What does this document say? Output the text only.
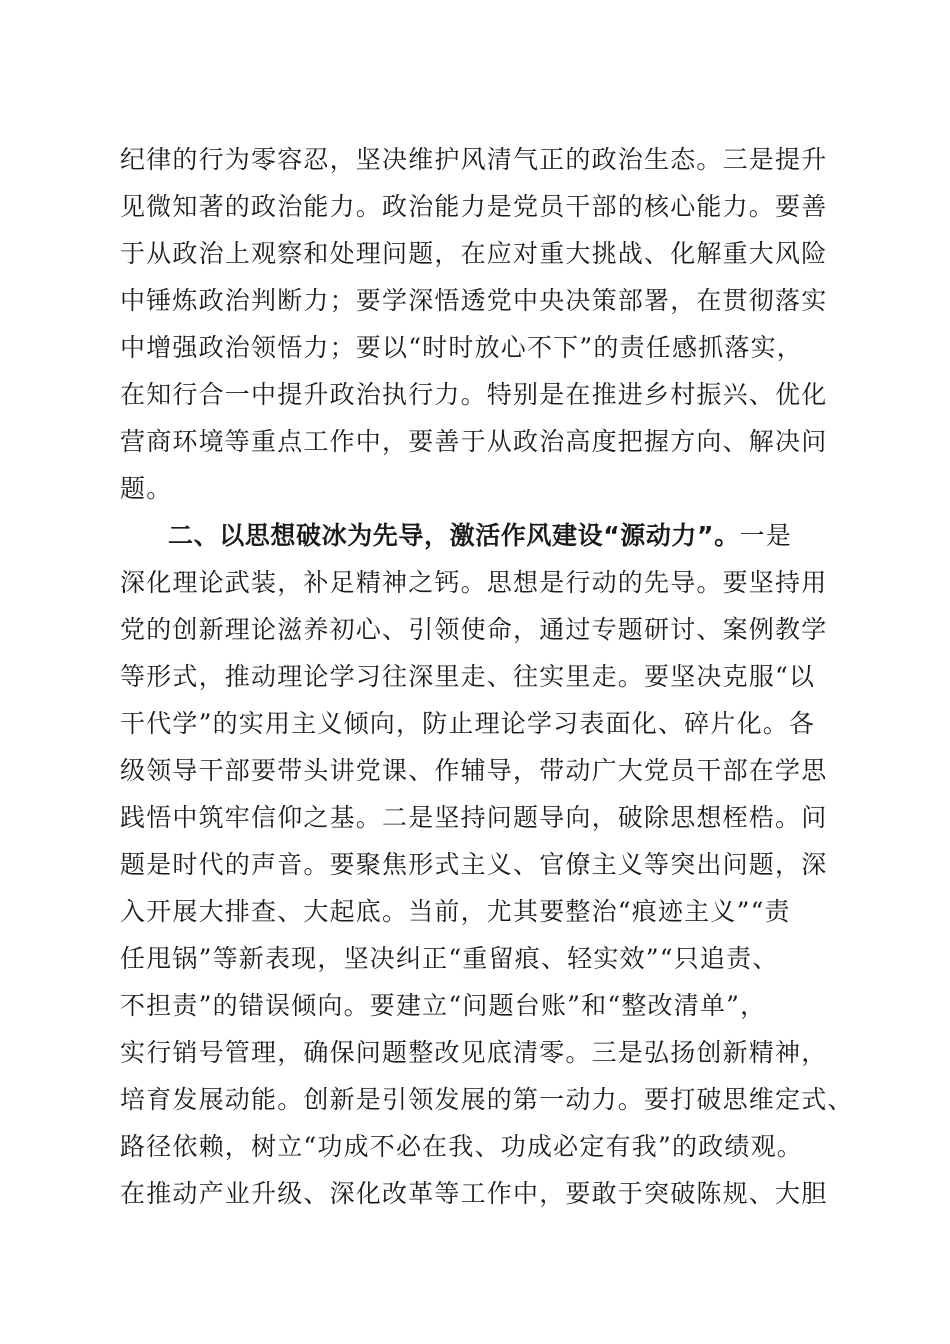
纪律的行为零容忍，坚决维护风清气正的政治生态。三是提升
见微知著的政治能力。政治能力是党员干部的核心能力。要善
于从政治上观察和处理问题，在应对重大挑战、化解重大风险
中锤炼政治判断力；要学深悟透党中央决策部署，在贯彻落实
中增强政治领悟力；要以“时时放心不下”的责任感抓落实，
在知行合一中提升政治执行力。特别是在推进乡村振兴、优化
营商环境等重点工作中，要善于从政治高度把握方向、解决问
题。
二、以思想破冰为先导，激活作风建设“源动力”。一是
深化理论武装，补足精神之钙。思想是行动的先导。要坚持用
党的创新理论滋养初心、引领使命，通过专题研讨、案例教学
等形式，推动理论学习往深里走、往实里走。要坚决克服“以
干代学”的实用主义倾向，防止理论学习表面化、碎片化。各
级领导干部要带头讲党课、作辅导，带动广大党员干部在学思
践悟中筑牢信仰之基。二是坚持问题导向，破除思想桎梏。问
题是时代的声音。要聚焦形式主义、官僚主义等突出问题，深
入开展大排查、大起底。当前，尤其要整治“痕迹主义”“责
任甩锅”等新表现，坚决纠正“重留痕、轻实效”“只追责、
不担责”的错误倾向。要建立“问题台账”和“整改清单”，
实行销号管理，确保问题整改见底清零。三是弘扬创新精神，
培育发展动能。创新是引领发展的第一动力。要打破思维定式、
路径依赖，树立“功成不必在我、功成必定有我”的政绩观。
在推动产业升级、深化改革等工作中，要敢于突破陈规、大胆
